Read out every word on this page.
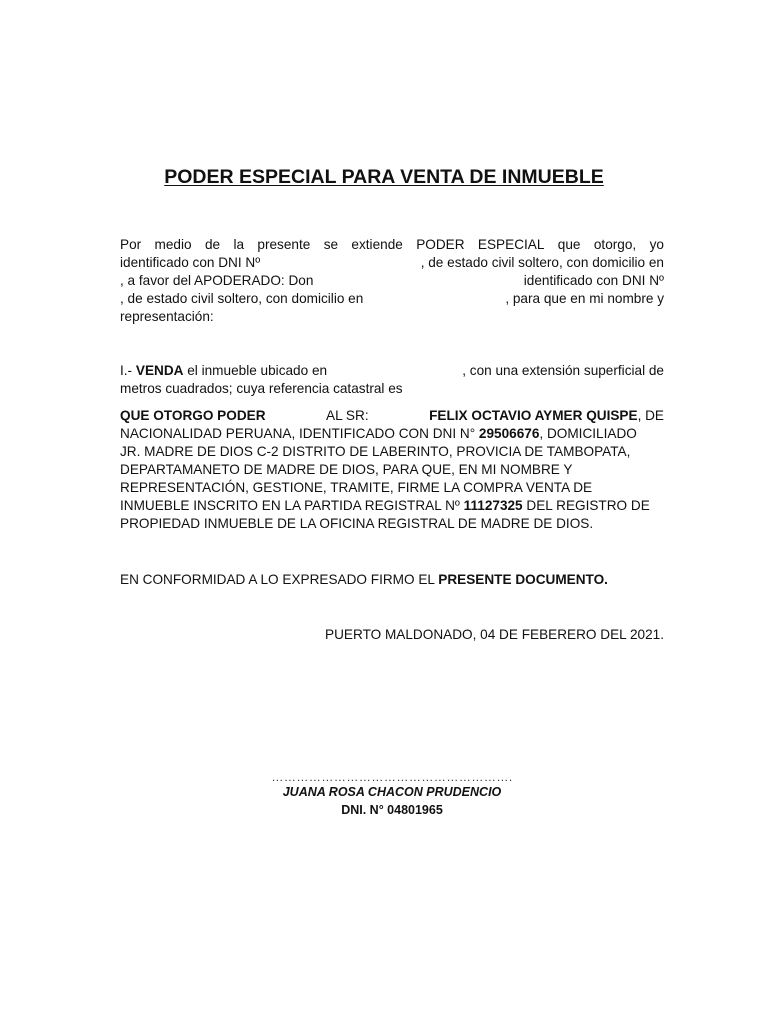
PODER ESPECIAL PARA VENTA DE INMUEBLE
Por medio de la presente se extiende PODER ESPECIAL que otorgo, yo
identificado con DNI Nº	, de estado civil soltero, con domicilio en
, a favor del APODERADO: Don	identificado con DNI Nº
, de estado civil soltero, con domicilio en	, para que en mi nombre y
representación:
I.- VENDA el inmueble ubicado en	, con una extensión superficial de
metros cuadrados; cuya referencia catastral es
QUE OTORGO PODER	AL SR:	FELIX OCTAVIO AYMER QUISPE, DE
NACIONALIDAD PERUANA, IDENTIFICADO CON DNI N° 29506676, DOMICILIADO
JR. MADRE DE DIOS C-2 DISTRITO DE LABERINTO, PROVICIA DE TAMBOPATA,
DEPARTAMANETO DE MADRE DE DIOS, PARA QUE, EN MI NOMBRE Y
REPRESENTACIÓN, GESTIONE, TRAMITE, FIRME LA COMPRA VENTA DE
INMUEBLE INSCRITO EN LA PARTIDA REGISTRAL Nº 11127325 DEL REGISTRO DE
PROPIEDAD INMUEBLE DE LA OFICINA REGISTRAL DE MADRE DE DIOS.
EN CONFORMIDAD A LO EXPRESADO FIRMO EL PRESENTE DOCUMENTO.
PUERTO MALDONADO, 04 DE FEBERERO DEL 2021.
………………………………………………….
JUANA ROSA CHACON PRUDENCIO
DNI. N° 04801965
